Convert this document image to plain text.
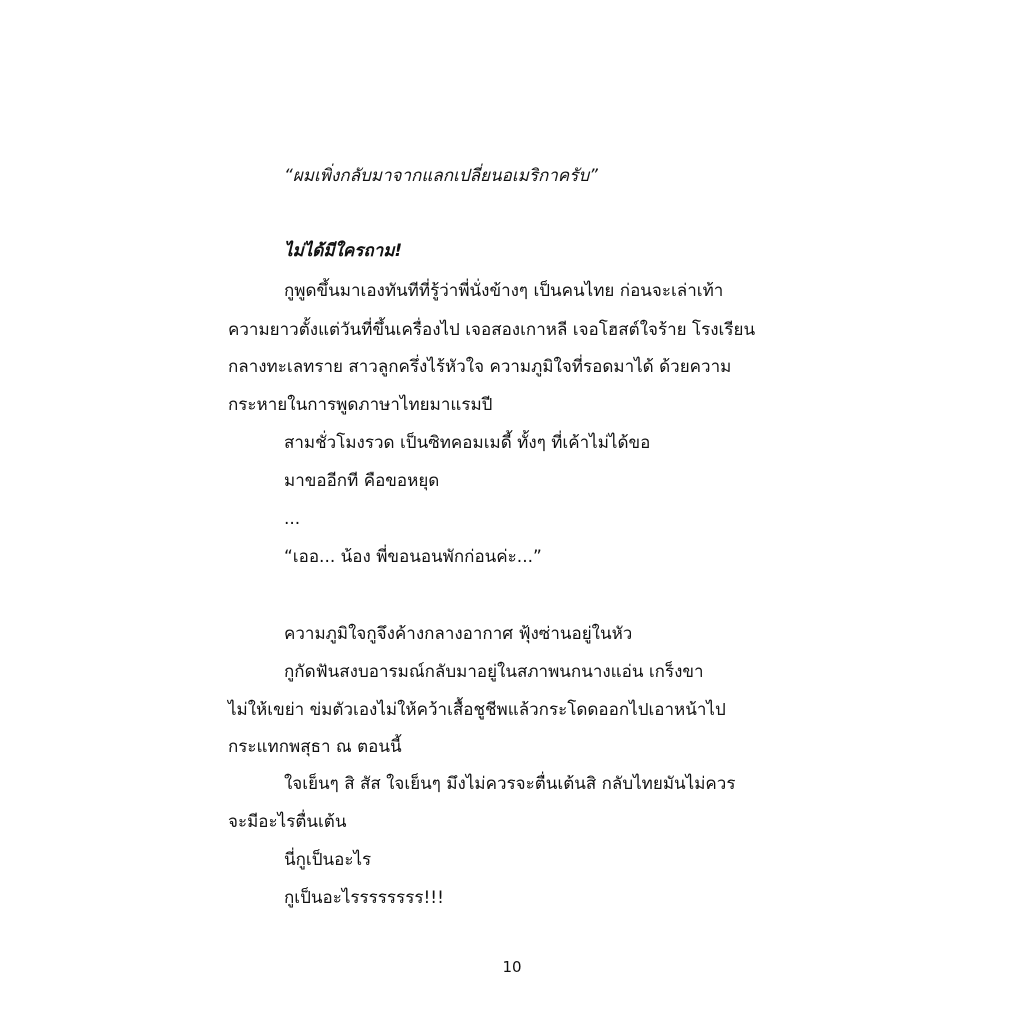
“ผมเพิ่งกลับมาจากแลกเปลี่ยนอเมริกาครับ”
ไม่ได้มีใครถาม!
กูพูดขึ้นมาเองทันทีที่รู้ว่าพี่นั่งข้างๆ เป็นคนไทย ก่อนจะเล่าเท้า
ความยาวตั้งแต่วันที่ขึ้นเครื่องไป เจอสองเกาหลี เจอโฮสต์ใจร้าย โรงเรียน
กลางทะเลทราย สาวลูกครึ่งไร้หัวใจ ความภูมิใจที่รอดมาได้ ด้วยความ
กระหายในการพูดภาษาไทยมาแรมปี
สามชั่วโมงรวด เป็นซิทคอมเมดี้ ทั้งๆ ที่เค้าไม่ได้ขอ
มาขออีกที คือขอหยุด
...
“เออ... น้อง พี่ขอนอนพักก่อนค่ะ...”
ความภูมิใจกูจึงค้างกลางอากาศ ฟุ้งซ่านอยู่ในหัว
กูกัดฟันสงบอารมณ์กลับมาอยู่ในสภาพนกนางแอ่น เกร็งขา
ไม่ให้เขย่า ข่มตัวเองไม่ให้คว้าเสื้อชูชีพแล้วกระโดดออกไปเอาหน้าไป
กระแทกพสุธา ณ ตอนนี้
ใจเย็นๆ สิ สัส ใจเย็นๆ มึงไม่ควรจะตื่นเต้นสิ กลับไทยมันไม่ควร
จะมีอะไรตื่นเต้น
นี่กูเป็นอะไร
กูเป็นอะไรรรรรรรร!!!
10
